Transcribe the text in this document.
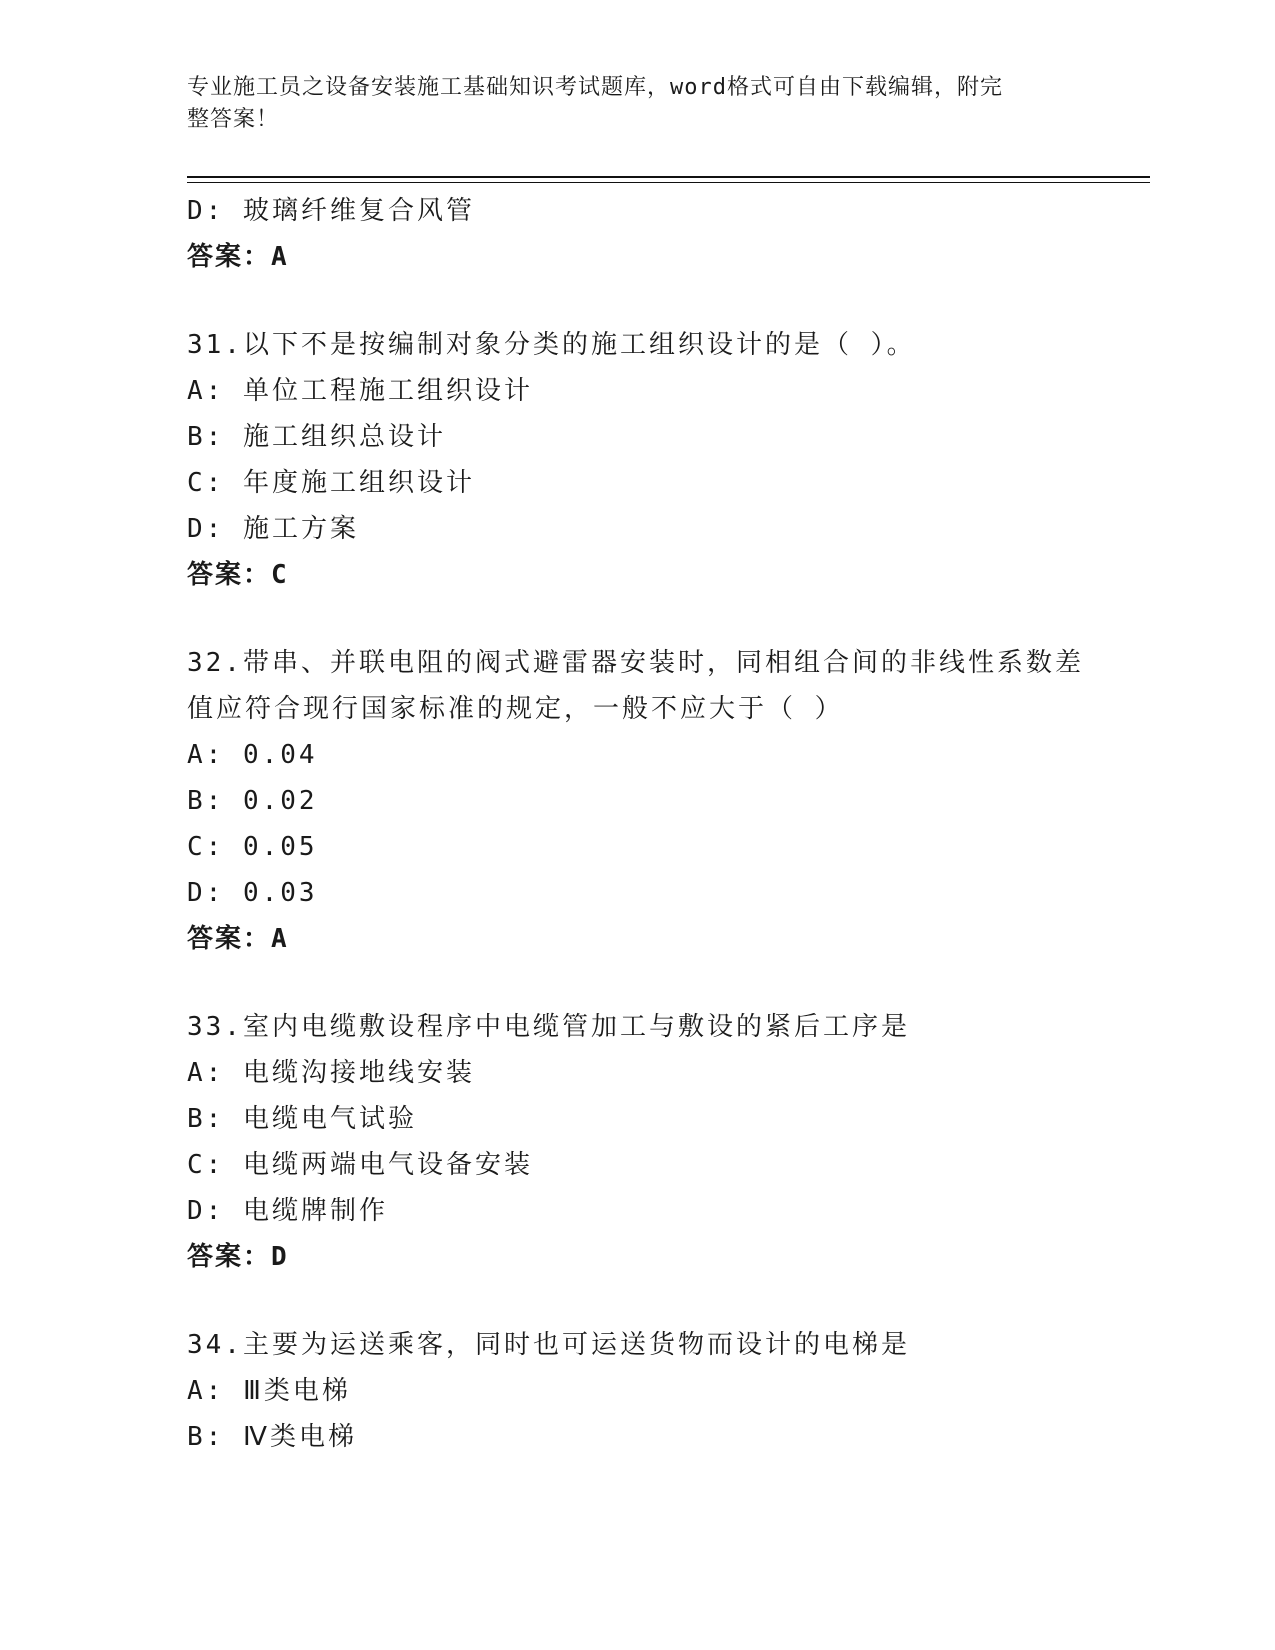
专业施工员之设备安装施工基础知识考试题库，word格式可自由下载编辑，附完
整答案！
D: 玻璃纤维复合风管
答案：A
31.以下不是按编制对象分类的施工组织设计的是（ ）。
A: 单位工程施工组织设计
B: 施工组织总设计
C: 年度施工组织设计
D: 施工方案
答案：C
32.带串、并联电阻的阀式避雷器安装时，同相组合间的非线性系数差
值应符合现行国家标准的规定，一般不应大于（ ）
A: 0.04
B: 0.02
C: 0.05
D: 0.03
答案：A
33.室内电缆敷设程序中电缆管加工与敷设的紧后工序是
A: 电缆沟接地线安装
B: 电缆电气试验
C: 电缆两端电气设备安装
D: 电缆牌制作
答案：D
34.主要为运送乘客，同时也可运送货物而设计的电梯是
A: Ⅲ类电梯
B: Ⅳ类电梯
